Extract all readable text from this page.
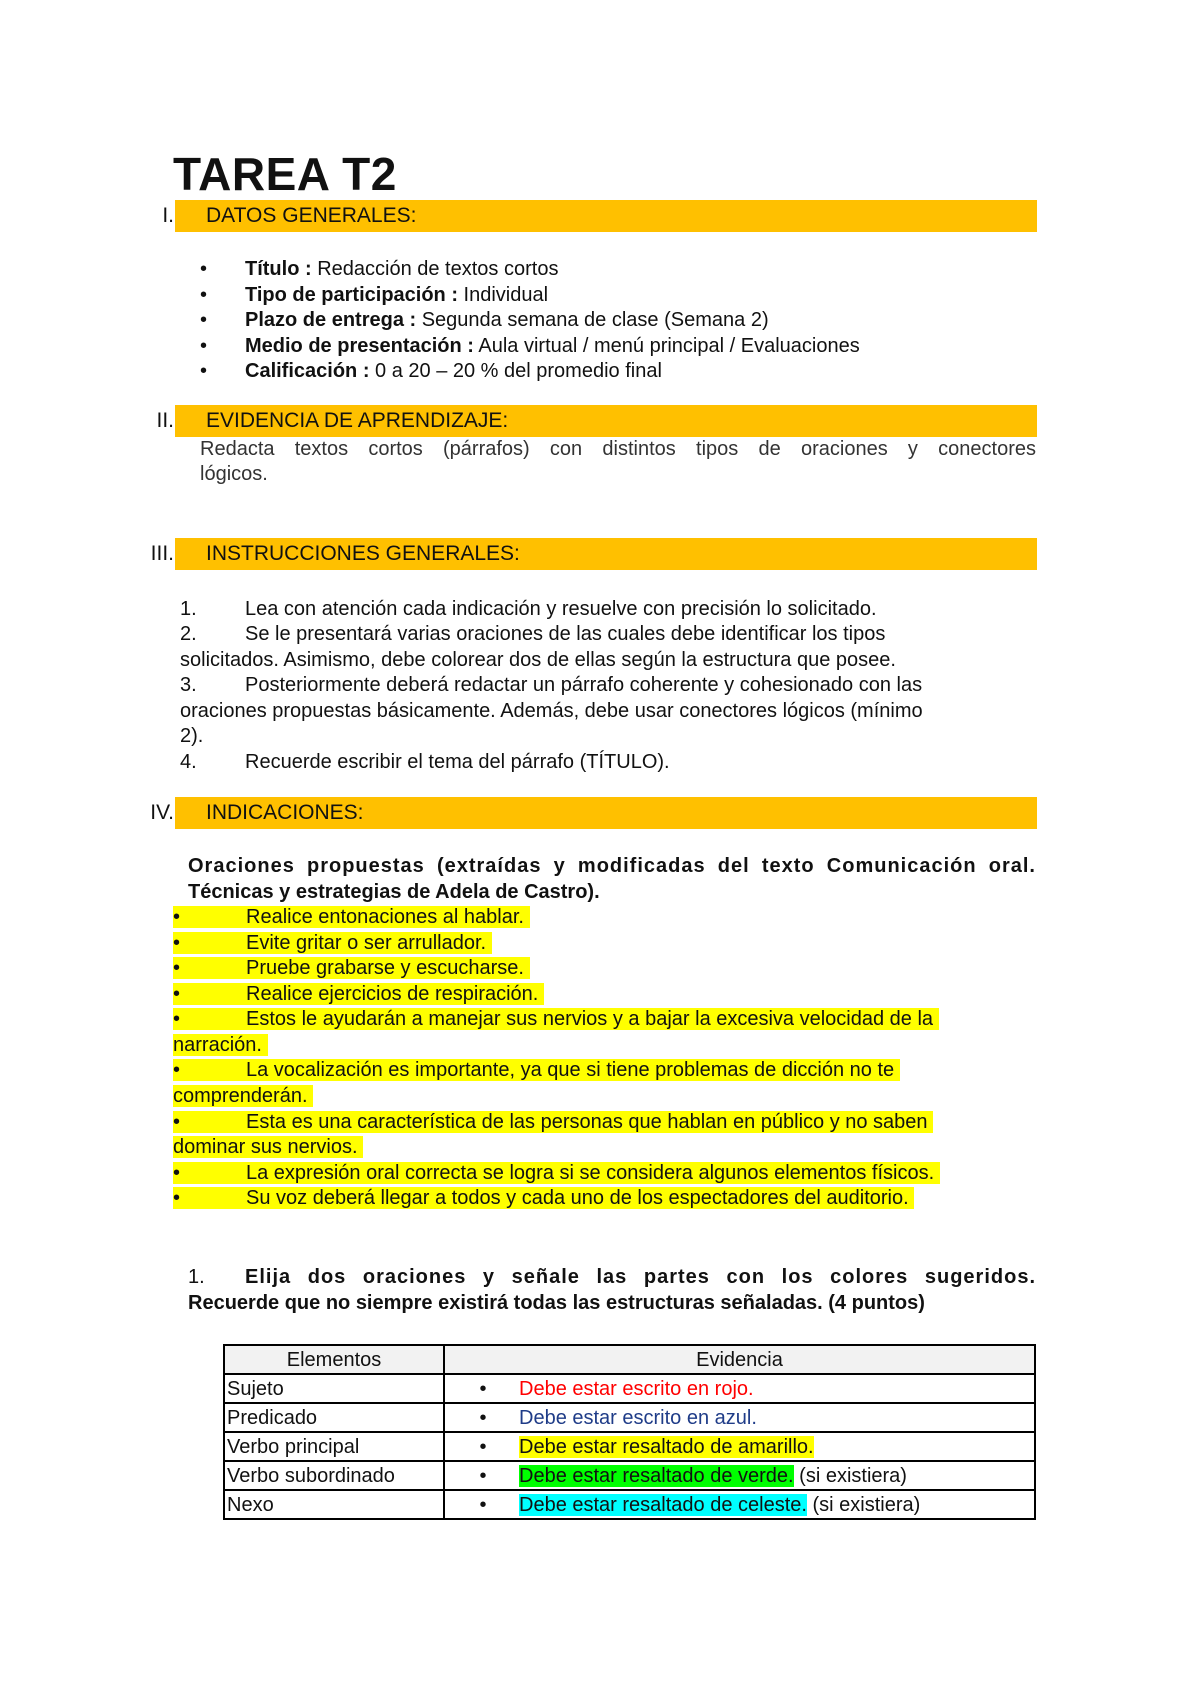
TAREA T2
I. DATOS GENERALES:
• Título : Redacción de textos cortos
• Tipo de participación : Individual
• Plazo de entrega : Segunda semana de clase (Semana 2)
• Medio de presentación : Aula virtual / menú principal / Evaluaciones
• Calificación : 0 a 20 – 20 % del promedio final
II. EVIDENCIA DE APRENDIZAJE:
Redacta textos cortos (párrafos) con distintos tipos de oraciones y conectores
lógicos.
III. INSTRUCCIONES GENERALES:
1. Lea con atención cada indicación y resuelve con precisión lo solicitado.
2. Se le presentará varias oraciones de las cuales debe identificar los tipos
solicitados. Asimismo, debe colorear dos de ellas según la estructura que posee.
3. Posteriormente deberá redactar un párrafo coherente y cohesionado con las
oraciones propuestas básicamente. Además, debe usar conectores lógicos (mínimo
2).
4. Recuerde escribir el tema del párrafo (TÍTULO).
IV. INDICACIONES:
Oraciones propuestas (extraídas y modificadas del texto Comunicación oral.
Técnicas y estrategias de Adela de Castro).
•	Realice entonaciones al hablar.
•	Evite gritar o ser arrullador.
•	Pruebe grabarse y escucharse.
•	Realice ejercicios de respiración.
•	Estos le ayudarán a manejar sus nervios y a bajar la excesiva velocidad de la
narración.
•	La vocalización es importante, ya que si tiene problemas de dicción no te
comprenderán.
•	Esta es una característica de las personas que hablan en público y no saben
dominar sus nervios.
•	La expresión oral correcta se logra si se considera algunos elementos físicos.
•	Su voz deberá llegar a todos y cada uno de los espectadores del auditorio.
1. Elija dos oraciones y señale las partes con los colores sugeridos.
Recuerde que no siempre existirá todas las estructuras señaladas. (4 puntos)
Elementos	Evidencia
Sujeto	• Debe estar escrito en rojo.
Predicado	• Debe estar escrito en azul.
Verbo principal	• Debe estar resaltado de amarillo.
Verbo subordinado	• Debe estar resaltado de verde. (si existiera)
Nexo	• Debe estar resaltado de celeste. (si existiera)
